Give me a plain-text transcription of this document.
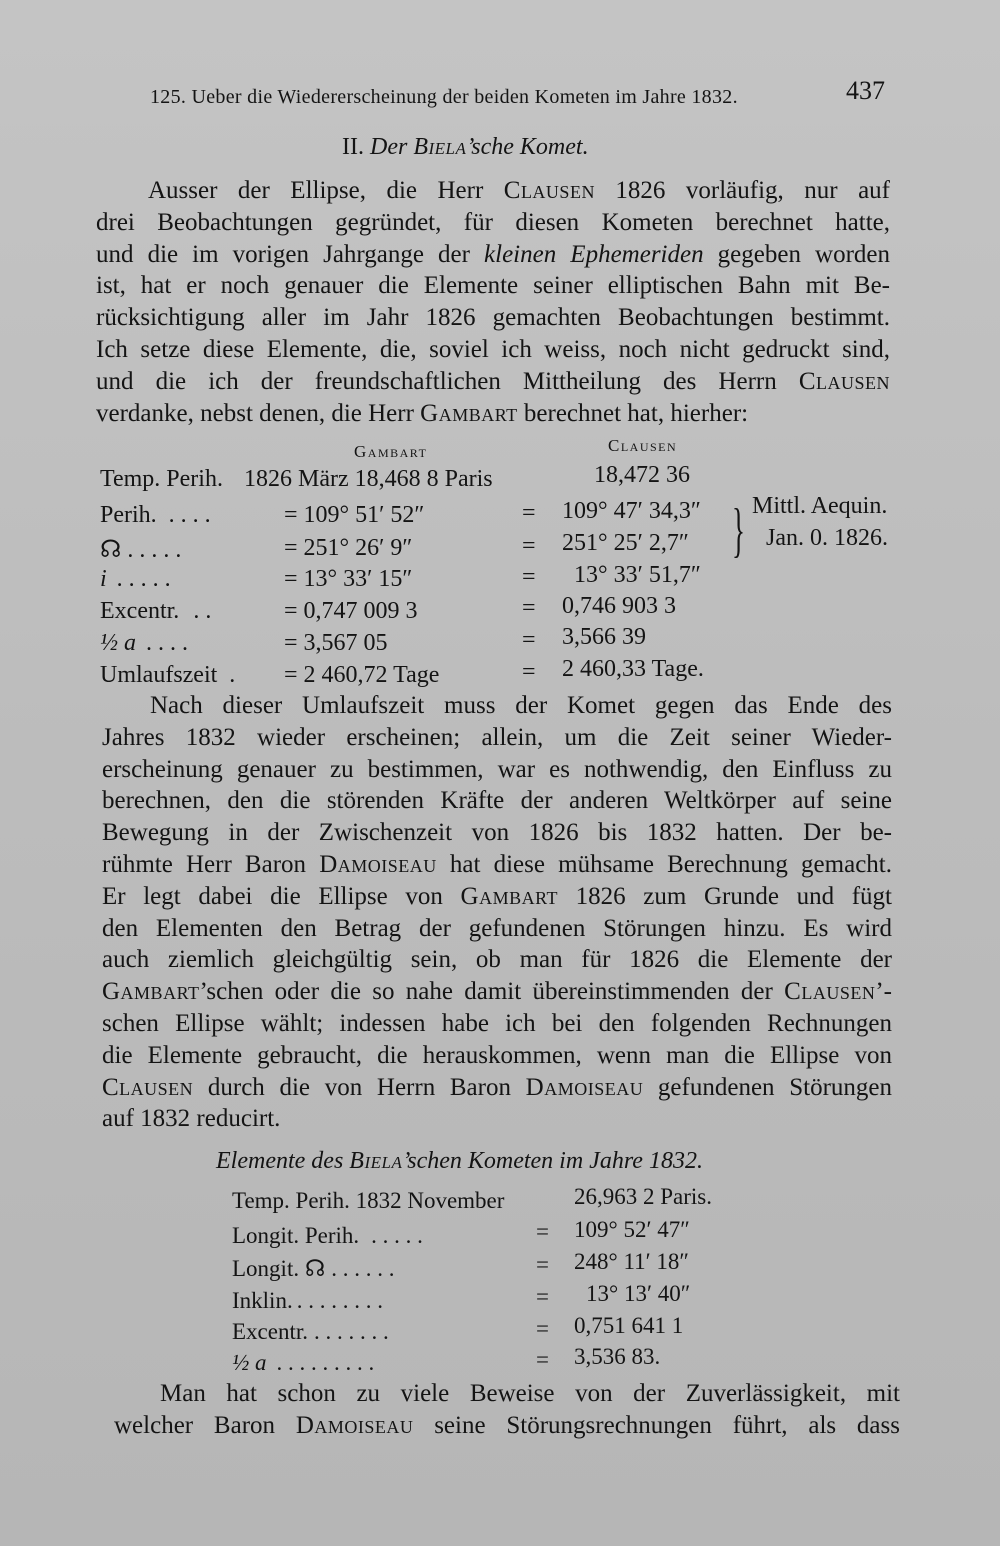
125. Ueber die Wiedererscheinung der beiden Kometen im Jahre 1832.	437
II. Der Biela’sche Komet.
Ausser der Ellipse, die Herr Clausen 1826 vorläufig, nur auf
drei Beobachtungen gegründet, für diesen Kometen berechnet hatte,
und die im vorigen Jahrgange der kleinen Ephemeriden gegeben worden
ist, hat er noch genauer die Elemente seiner elliptischen Bahn mit Be-
rücksichtigung aller im Jahr 1826 gemachten Beobachtungen bestimmt.
Ich setze diese Elemente, die, soviel ich weiss, noch nicht gedruckt sind,
und die ich der freundschaftlichen Mittheilung des Herrn Clausen
verdanke, nebst denen, die Herr Gambart berechnet hat, hierher:
Gambart	Clausen
Temp. Perih. 1826 März 18,468 8 Paris	18,472 36
Perih. . . . .	= 109° 51′ 52″	= 109° 47′ 34,3″
☊ . . . . .	= 251° 26′ 9″	= 251° 25′ 2,7″ } Mittl. Aequin.
Jan. 0. 1826.
i . . . . .	= 13° 33′ 15″	= 13° 33′ 51,7″
Excentr. . .	= 0,747 009 3	= 0,746 903 3
½ a . . . .	= 3,567 05	= 3,566 39
Umlaufszeit . = 2 460,72 Tage	= 2 460,33 Tage.
Nach dieser Umlaufszeit muss der Komet gegen das Ende des
Jahres 1832 wieder erscheinen; allein, um die Zeit seiner Wieder-
erscheinung genauer zu bestimmen, war es nothwendig, den Einfluss zu
berechnen, den die störenden Kräfte der anderen Weltkörper auf seine
Bewegung in der Zwischenzeit von 1826 bis 1832 hatten. Der be-
rühmte Herr Baron Damoiseau hat diese mühsame Berechnung gemacht.
Er legt dabei die Ellipse von Gambart 1826 zum Grunde und fügt
den Elementen den Betrag der gefundenen Störungen hinzu. Es wird
auch ziemlich gleichgültig sein, ob man für 1826 die Elemente der
Gambart’schen oder die so nahe damit übereinstimmenden der Clausen’-
schen Ellipse wählt; indessen habe ich bei den folgenden Rechnungen
die Elemente gebraucht, die herauskommen, wenn man die Ellipse von
Clausen durch die von Herrn Baron Damoiseau gefundenen Störungen
auf 1832 reducirt.
Elemente des Biela’schen Kometen im Jahre 1832.
Temp. Perih. 1832 November	26,963 2 Paris.
Longit. Perih. . . . . .	= 109° 52′ 47″
Longit. ☊ . . . . . .	= 248° 11′ 18″
Inklin. . . . . . . . .	= 13° 13′ 40″
Excentr. . . . . . . .	= 0,751 641 1
½ a . . . . . . . . .	= 3,536 83.
Man hat schon zu viele Beweise von der Zuverlässigkeit, mit
welcher Baron Damoiseau seine Störungsrechnungen führt, als dass
